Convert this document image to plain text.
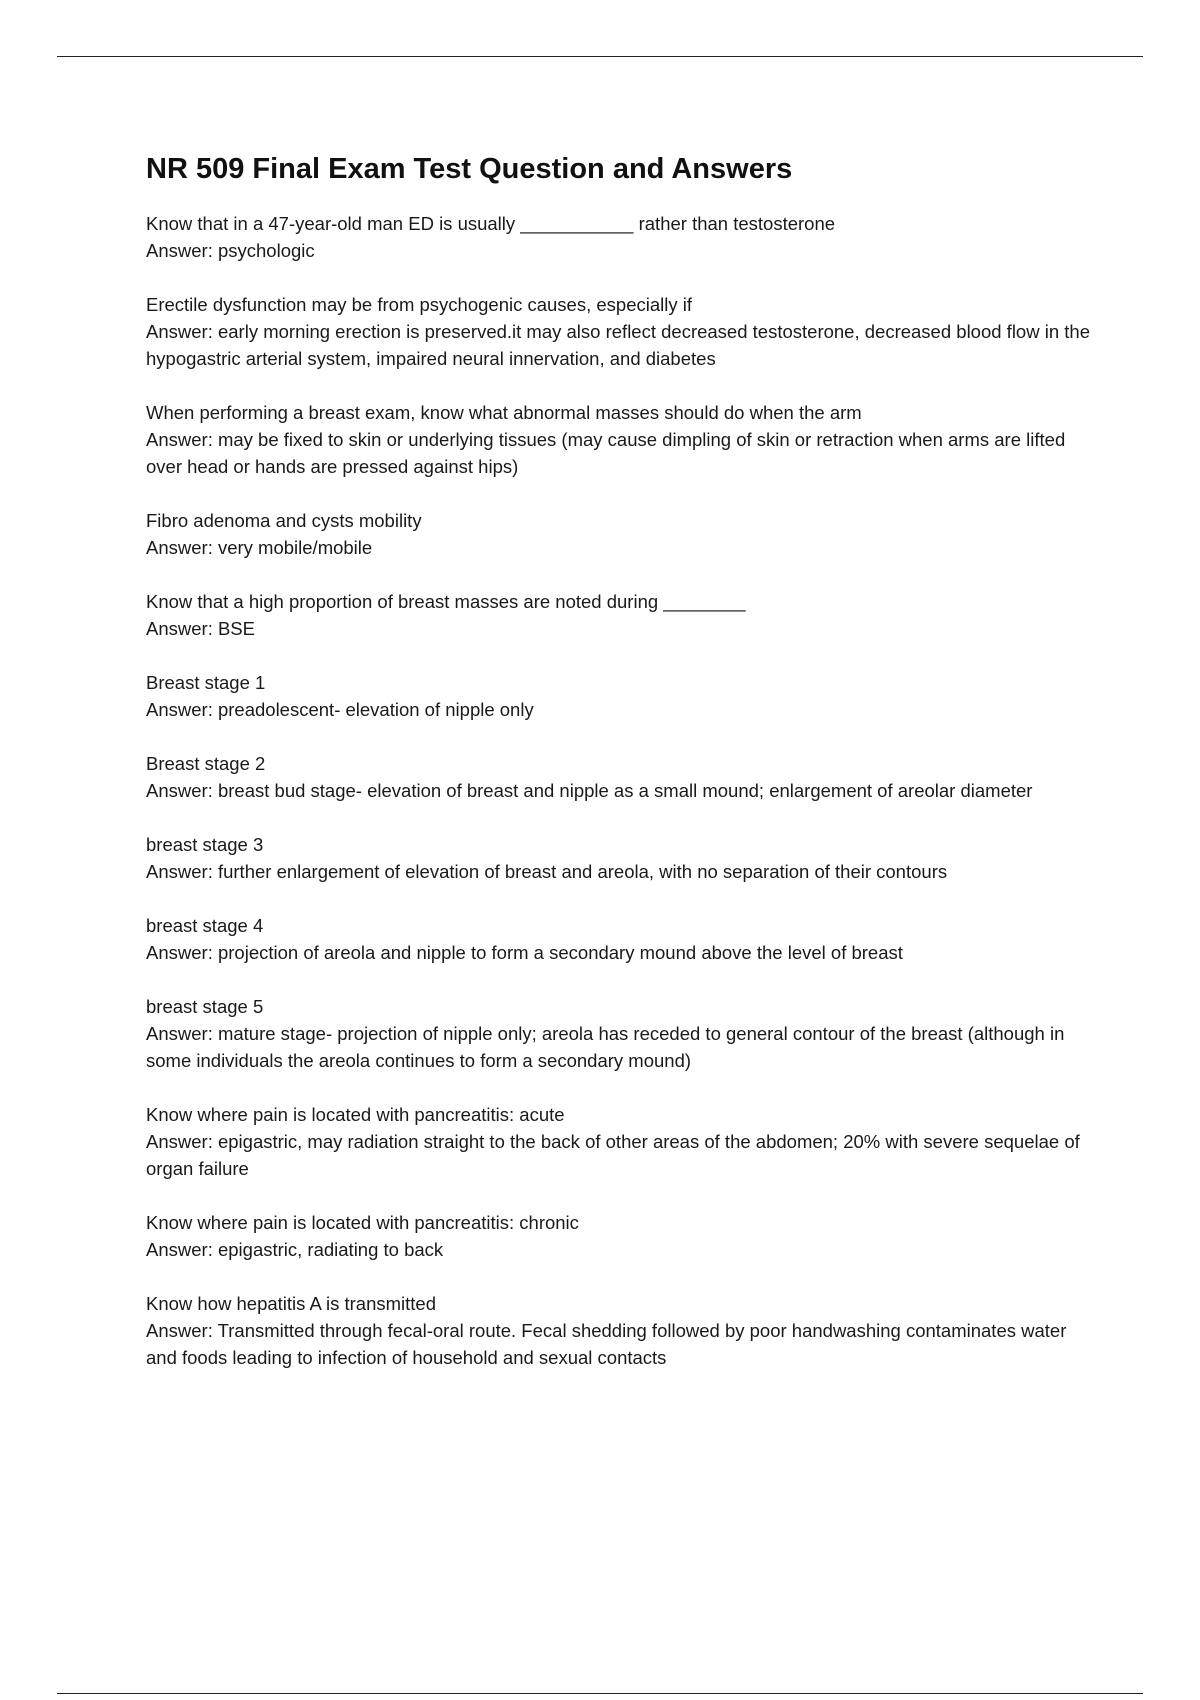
NR 509 Final Exam Test Question and Answers
Know that in a 47-year-old man ED is usually ___________ rather than testosterone
Answer: psychologic
Erectile dysfunction may be from psychogenic causes, especially if
Answer: early morning erection is preserved.it may also reflect decreased testosterone, decreased blood flow in the hypogastric arterial system, impaired neural innervation, and diabetes
When performing a breast exam, know what abnormal masses should do when the arm
Answer: may be fixed to skin or underlying tissues (may cause dimpling of skin or retraction when arms are lifted over head or hands are pressed against hips)
Fibro adenoma and cysts mobility
Answer: very mobile/mobile
Know that a high proportion of breast masses are noted during ________
Answer: BSE
Breast stage 1
Answer: preadolescent- elevation of nipple only
Breast stage 2
Answer: breast bud stage- elevation of breast and nipple as a small mound; enlargement of areolar diameter
breast stage 3
Answer: further enlargement of elevation of breast and areola, with no separation of their contours
breast stage 4
Answer: projection of areola and nipple to form a secondary mound above the level of breast
breast stage 5
Answer: mature stage- projection of nipple only; areola has receded to general contour of the breast (although in some individuals the areola continues to form a secondary mound)
Know where pain is located with pancreatitis: acute
Answer: epigastric, may radiation straight to the back of other areas of the abdomen; 20% with severe sequelae of organ failure
Know where pain is located with pancreatitis: chronic
Answer: epigastric, radiating to back
Know how hepatitis A is transmitted
Answer: Transmitted through fecal-oral route. Fecal shedding followed by poor handwashing contaminates water and foods leading to infection of household and sexual contacts
